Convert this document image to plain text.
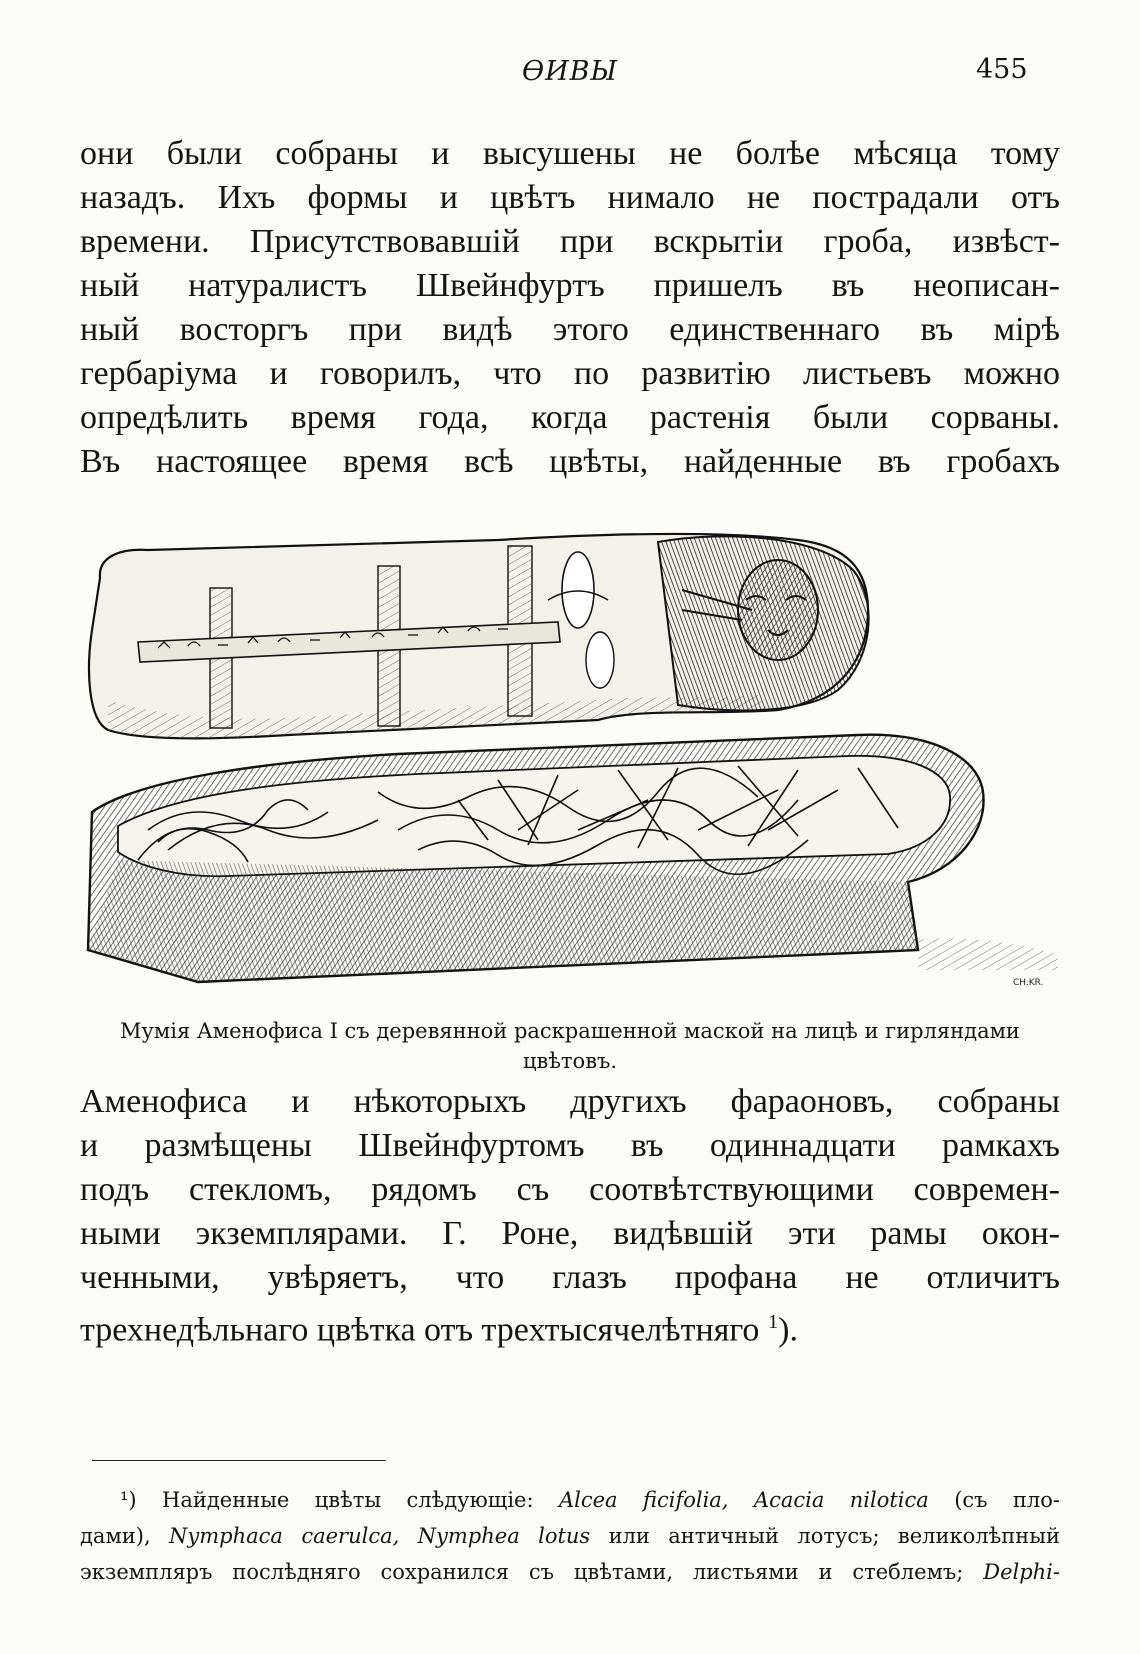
ѲИВЫ	455
они были собраны и высушены не болѣе мѣсяца тому
назадъ. Ихъ формы и цвѣтъ нимало не пострадали отъ
времени. Присутствовавшій при вскрытіи гроба, извѣст-
ный натуралистъ Швейнфуртъ пришелъ въ неописан-
ный восторгъ при видѣ этого единственнаго въ мірѣ
гербаріума и говорилъ, что по развитію листьевъ можно
опредѣлить время года, когда растенія были сорваны.
Въ настоящее время всѣ цвѣты, найденные въ гробахъ
CH.KR.
Мумія Аменофиса I съ деревянной раскрашенной маской на лицѣ и гирляндами
цвѣтовъ.
Аменофиса и нѣкоторыхъ другихъ фараоновъ, собраны
и размѣщены Швейнфуртомъ въ одиннадцати рамкахъ
подъ стекломъ, рядомъ съ соотвѣтствующими современ-
ными экземплярами. Г. Роне, видѣвшій эти рамы окон-
ченными, увѣряетъ, что глазъ профана не отличитъ
трехнедѣльнаго цвѣтка отъ трехтысячелѣтняго $^1$).
¹) Найденные цвѣты слѣдующіе: Alcea ficifolia, Acacia nilotica (съ пло-
дами), Nymphaca caerulca, Nymphea lotus или античный лотусъ; великолѣпный
экземпляръ послѣдняго сохранился съ цвѣтами, листьями и стеблемъ; Delphi-
